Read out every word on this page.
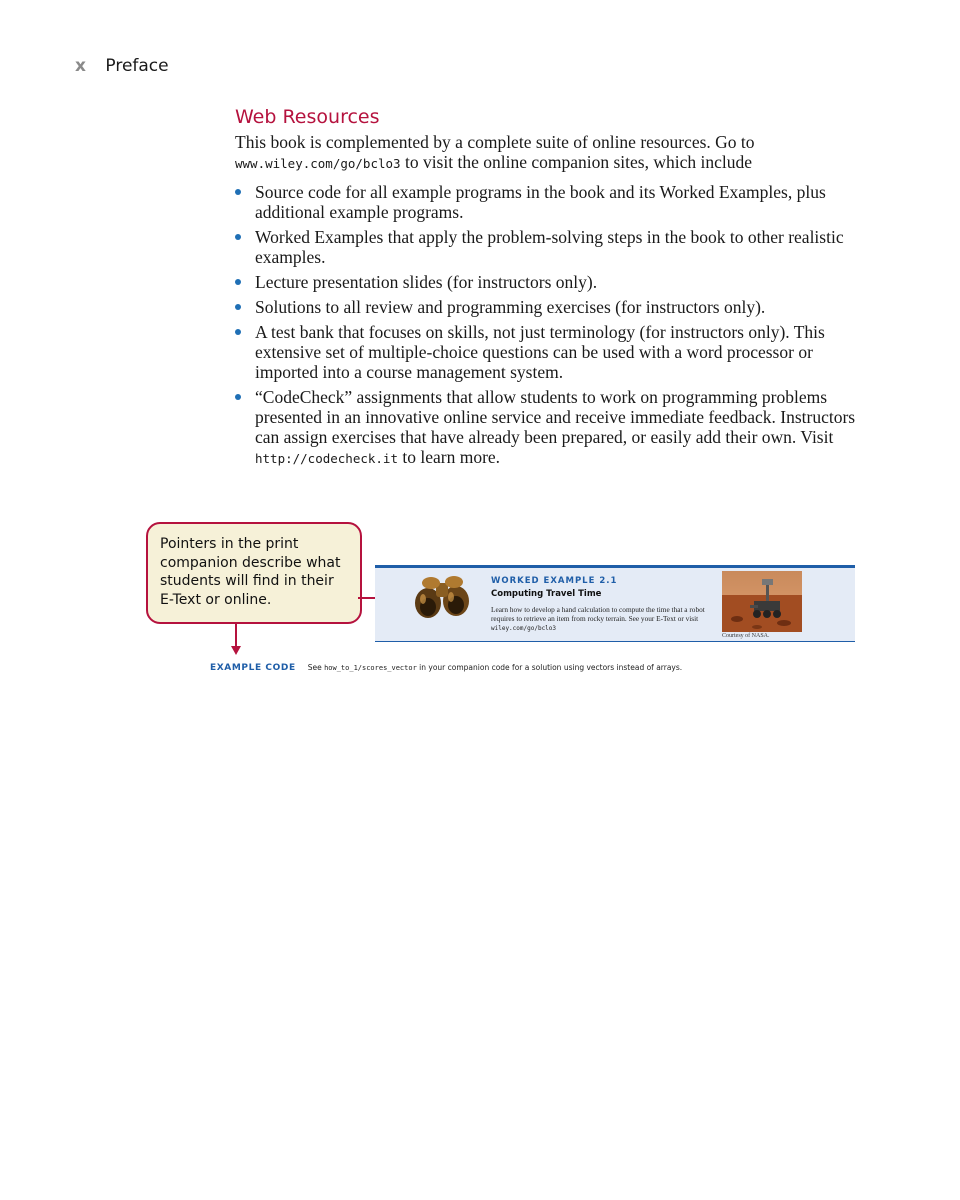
x Preface
Web Resources

This book is complemented by a complete suite of online resources. Go to www.wiley.com/go/bclo3 to visit the online companion sites, which include

Source code for all example programs in the book and its Worked Examples, plus additional example programs.
Worked Examples that apply the problem-solving steps in the book to other realistic examples.
Lecture presentation slides (for instructors only).
Solutions to all review and programming exercises (for instructors only).
A test bank that focuses on skills, not just terminology (for instructors only). This extensive set of multiple-choice questions can be used with a word processor or imported into a course management system.
“CodeCheck” assignments that allow students to work on programming problems presented in an innovative online service and receive immediate feedback. Instructors can assign exercises that have already been prepared, or easily add their own. Visit http://codecheck.it to learn more.
Pointers in the print companion describe what students will find in their E-Text or online.
WORKED EXAMPLE 2.1
Computing Travel Time
Learn how to develop a hand calculation to compute the time that a robot requires to retrieve an item from rocky terrain. See your E-Text or visit wiley.com/go/bclo3
Courtesy of NASA.
EXAMPLE CODE See how_to_1/scores_vector in your companion code for a solution using vectors instead of arrays.
